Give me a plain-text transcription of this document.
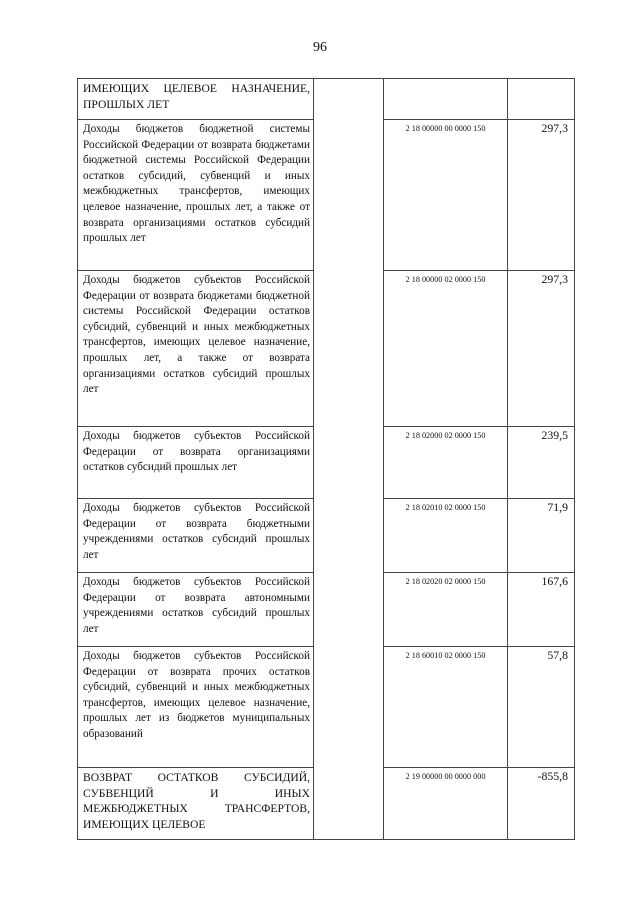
96
ИМЕЮЩИХ ЦЕЛЕВОЕ НАЗНАЧЕНИЕ, ПРОШЛЫХ ЛЕТ			

Доходы бюджетов бюджетной системы Российской Федерации от возврата бюджетами бюджетной системы Российской Федерации остатков субсидий, субвенций и иных межбюджетных трансфертов, имеющих целевое назначение, прошлых лет, а также от возврата организациями остатков субсидий прошлых лет		2 18 00000 00 0000 150	297,3

Доходы бюджетов субъектов Российской Федерации от возврата бюджетами бюджетной системы Российской Федерации остатков субсидий, субвенций и иных межбюджетных трансфертов, имеющих целевое назначение, прошлых лет, а также от возврата организациями остатков субсидий прошлых лет		2 18 00000 02 0000 150	297,3

Доходы бюджетов субъектов Российской Федерации от возврата организациями остатков субсидий прошлых лет		2 18 02000 02 0000 150	239,5

Доходы бюджетов субъектов Российской Федерации от возврата бюджетными учреждениями остатков субсидий прошлых лет		2 18 02010 02 0000 150	71,9

Доходы бюджетов субъектов Российской Федерации от возврата автономными учреждениями остатков субсидий прошлых лет		2 18 02020 02 0000 150	167,6

Доходы бюджетов субъектов Российской Федерации от возврата прочих остатков субсидий, субвенций и иных межбюджетных трансфертов, имеющих целевое назначение, прошлых лет из бюджетов муниципальных образований		2 18 60010 02 0000 150	57,8

ВОЗВРАТ ОСТАТКОВ СУБСИДИЙ, СУБВЕНЦИЙ И ИНЫХ МЕЖБЮДЖЕТНЫХ ТРАНСФЕРТОВ, ИМЕЮЩИХ ЦЕЛЕВОЕ		2 19 00000 00 0000 000	-855,8
